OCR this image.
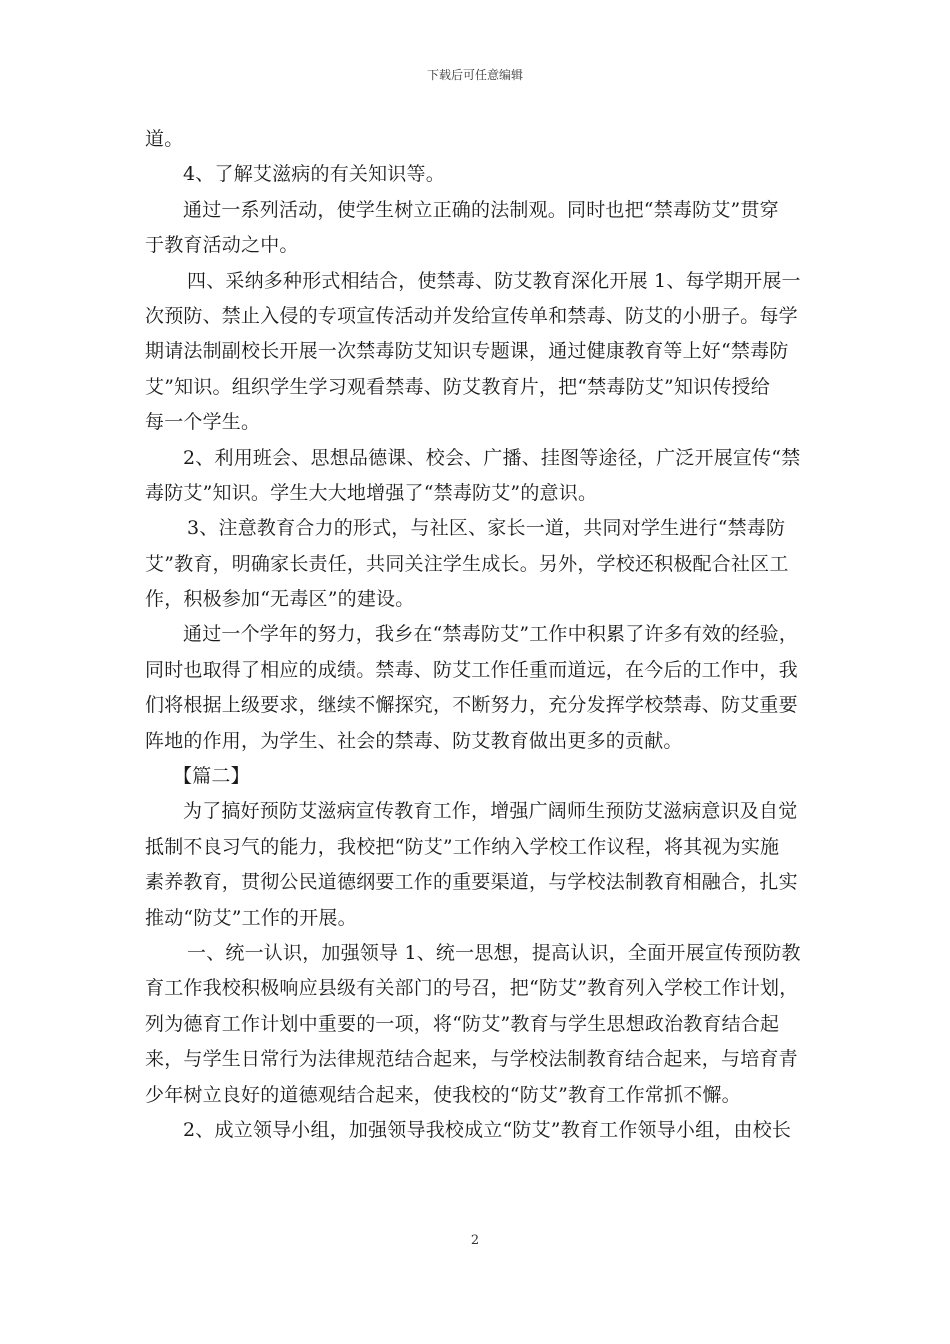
下载后可任意编辑
道。
4、了解艾滋病的有关知识等。
通过一系列活动，使学生树立正确的法制观。同时也把“禁毒防艾”贯穿
于教育活动之中。
四、采纳多种形式相结合，使禁毒、防艾教育深化开展 1、每学期开展一
次预防、禁止入侵的专项宣传活动并发给宣传单和禁毒、防艾的小册子。每学
期请法制副校长开展一次禁毒防艾知识专题课，通过健康教育等上好“禁毒防
艾”知识。组织学生学习观看禁毒、防艾教育片，把“禁毒防艾”知识传授给
每一个学生。
2、利用班会、思想品德课、校会、广播、挂图等途径，广泛开展宣传“禁
毒防艾”知识。学生大大地增强了“禁毒防艾”的意识。
3、注意教育合力的形式，与社区、家长一道，共同对学生进行“禁毒防
艾”教育，明确家长责任，共同关注学生成长。另外，学校还积极配合社区工
作，积极参加“无毒区”的建设。
通过一个学年的努力，我乡在“禁毒防艾”工作中积累了许多有效的经验，
同时也取得了相应的成绩。禁毒、防艾工作任重而道远，在今后的工作中，我
们将根据上级要求，继续不懈探究，不断努力，充分发挥学校禁毒、防艾重要
阵地的作用，为学生、社会的禁毒、防艾教育做出更多的贡献。
【篇二】
为了搞好预防艾滋病宣传教育工作，增强广阔师生预防艾滋病意识及自觉
抵制不良习气的能力，我校把“防艾”工作纳入学校工作议程，将其视为实施
素养教育，贯彻公民道德纲要工作的重要渠道，与学校法制教育相融合，扎实
推动“防艾”工作的开展。
一、统一认识，加强领导 1、统一思想，提高认识，全面开展宣传预防教
育工作我校积极响应县级有关部门的号召，把“防艾”教育列入学校工作计划，
列为德育工作计划中重要的一项，将“防艾”教育与学生思想政治教育结合起
来，与学生日常行为法律规范结合起来，与学校法制教育结合起来，与培育青
少年树立良好的道德观结合起来，使我校的“防艾”教育工作常抓不懈。
2、成立领导小组，加强领导我校成立“防艾”教育工作领导小组，由校长
2
